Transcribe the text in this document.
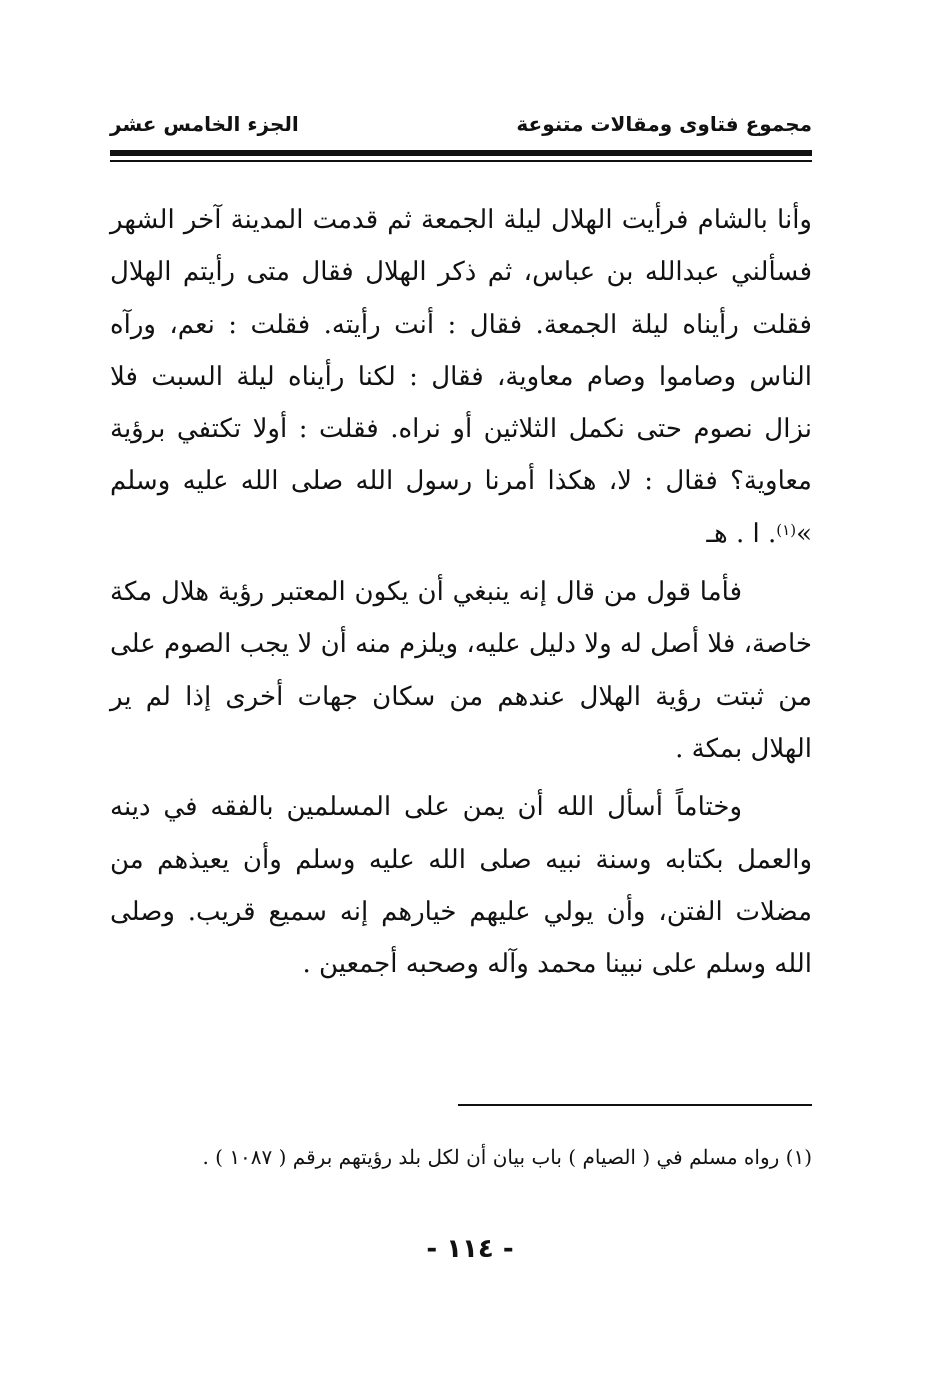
مجموع فتاوى ومقالات متنوعة
الجزء الخامس عشر

وأنا بالشام فرأيت الهلال ليلة الجمعة ثم قدمت المدينة آخر الشهر فسألني عبدالله بن عباس، ثم ذكر الهلال فقال متى رأيتم الهلال فقلت رأيناه ليلة الجمعة. فقال : أنت رأيته. فقلت : نعم، ورآه الناس وصاموا وصام معاوية، فقال : لكنا رأيناه ليلة السبت فلا نزال نصوم حتى نكمل الثلاثين أو نراه. فقلت : أولا تكتفي برؤية معاوية؟ فقال : لا، هكذا أمرنا رسول الله صلى الله عليه وسلم »$^{(١)}$. ا . هـ

فأما قول من قال إنه ينبغي أن يكون المعتبر رؤية هلال مكة خاصة، فلا أصل له ولا دليل عليه، ويلزم منه أن لا يجب الصوم على من ثبتت رؤية الهلال عندهم من سكان جهات أخرى إذا لم ير الهلال بمكة .

وختاماً أسأل الله أن يمن على المسلمين بالفقه في دينه والعمل بكتابه وسنة نبيه صلى الله عليه وسلم وأن يعيذهم من مضلات الفتن، وأن يولي عليهم خيارهم إنه سميع قريب. وصلى الله وسلم على نبينا محمد وآله وصحبه أجمعين .

(١) رواه مسلم في ( الصيام ) باب بيان أن لكل بلد رؤيتهم برقم ( ١٠٨٧ ) .

- ١١٤ -
